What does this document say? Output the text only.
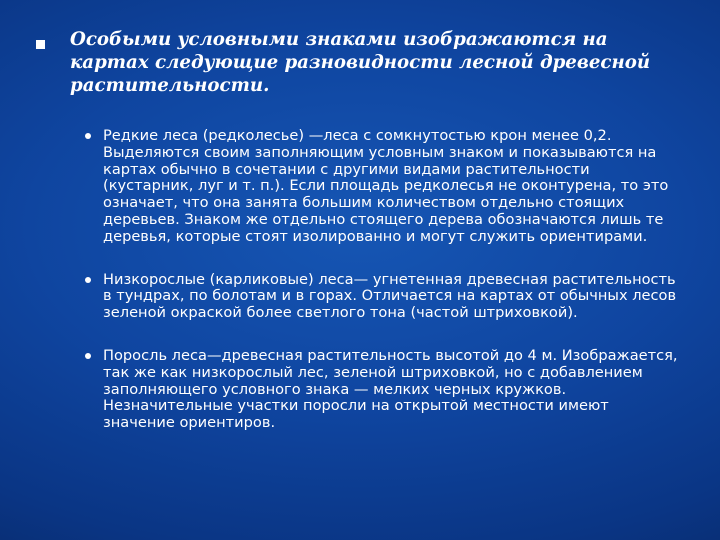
Особыми условными знаками изображаются на картах следующие разновидности лесной древесной растительности.
Редкие леса (редколесье) —леса с сомкнутостью крон менее 0,2. Выделяются своим заполняющим условным знаком и показываются на картах обычно в сочетании с другими видами растительности (кустарник, луг и т. п.). Если площадь редколесья не оконтурена, то это означает, что она занята большим количеством отдельно стоящих деревьев. Знаком же отдельно стоящего дерева обозначаются лишь те деревья, которые стоят изолированно и могут служить ориентирами.
Низкорослые (карликовые) леса— угнетенная древесная растительность в тундрах, по болотам и в горах. Отличается на картах от обычных лесов зеленой окраской более светлого тона (частой штриховкой).
Поросль леса—древесная растительность высотой до 4 м. Изображается, так же как низкорослый лес, зеленой штриховкой, но с добавлением заполняющего условного знака — мелких черных кружков. Незначительные участки поросли на открытой местности имеют значение ориентиров.
